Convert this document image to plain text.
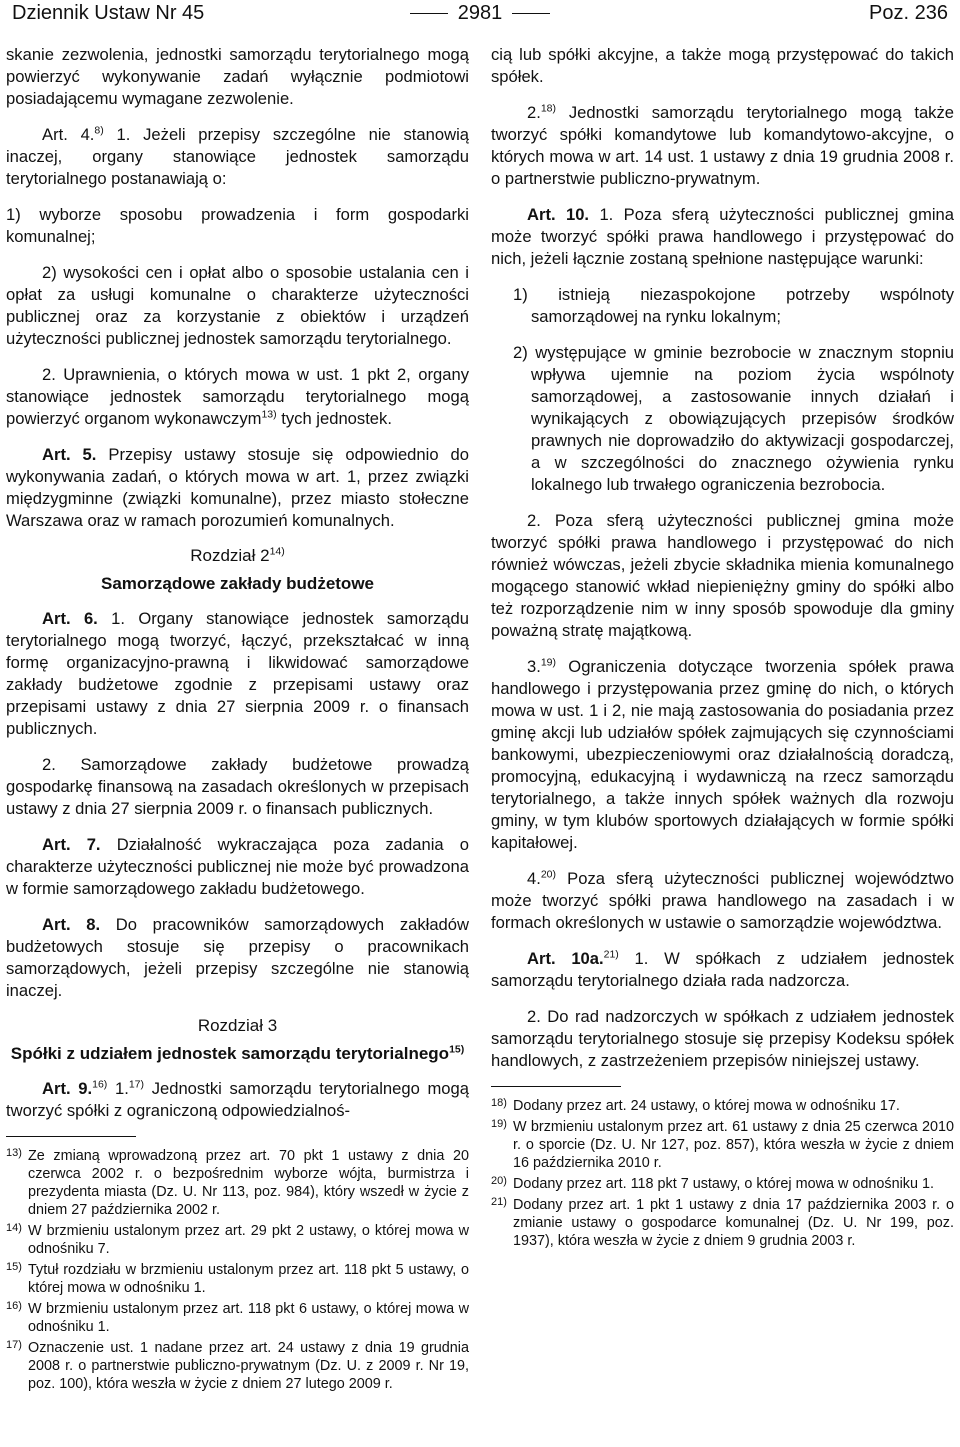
Dziennik Ustaw Nr 45	2981	Poz. 236

skanie zezwolenia, jednostki samorządu terytorialnego mogą powierzyć wykonywanie zadań wyłącznie podmiotowi posiadającemu wymagane zezwolenie.

Art. 4.$^{8)}$ 1. Jeżeli przepisy szczególne nie stanowią inaczej, organy stanowiące jednostek samorządu terytorialnego postanawiają o:

1) wyborze sposobu prowadzenia i form gospodarki komunalnej;

2) wysokości cen i opłat albo o sposobie ustalania cen i opłat za usługi komunalne o charakterze użyteczności publicznej oraz za korzystanie z obiektów i urządzeń użyteczności publicznej jednostek samorządu terytorialnego.

2. Uprawnienia, o których mowa w ust. 1 pkt 2, organy stanowiące jednostek samorządu terytorialnego mogą powierzyć organom wykonawczym$^{13)}$ tych jednostek.

Art. 5. Przepisy ustawy stosuje się odpowiednio do wykonywania zadań, o których mowa w art. 1, przez związki międzygminne (związki komunalne), przez miasto stołeczne Warszawa oraz w ramach porozumień komunalnych.

Rozdział 2$^{14)}$
Samorządowe zakłady budżetowe

Art. 6. 1. Organy stanowiące jednostek samorządu terytorialnego mogą tworzyć, łączyć, przekształcać w inną formę organizacyjno-prawną i likwidować samorządowe zakłady budżetowe zgodnie z przepisami ustawy oraz przepisami ustawy z dnia 27 sierpnia 2009 r. o finansach publicznych.

2. Samorządowe zakłady budżetowe prowadzą gospodarkę finansową na zasadach określonych w przepisach ustawy z dnia 27 sierpnia 2009 r. o finansach publicznych.

Art. 7. Działalność wykraczająca poza zadania o charakterze użyteczności publicznej nie może być prowadzona w formie samorządowego zakładu budżetowego.

Art. 8. Do pracowników samorządowych zakładów budżetowych stosuje się przepisy o pracownikach samorządowych, jeżeli przepisy szczególne nie stanowią inaczej.

Rozdział 3
Spółki z udziałem jednostek samorządu terytorialnego$^{15)}$

Art. 9.$^{16)}$ 1.$^{17)}$ Jednostki samorządu terytorialnego mogą tworzyć spółki z ograniczoną odpowiedzialnoś-

13) Ze zmianą wprowadzoną przez art. 70 pkt 1 ustawy z dnia 20 czerwca 2002 r. o bezpośrednim wyborze wójta, burmistrza i prezydenta miasta (Dz. U. Nr 113, poz. 984), który wszedł w życie z dniem 27 października 2002 r.
14) W brzmieniu ustalonym przez art. 29 pkt 2 ustawy, o której mowa w odnośniku 7.
15) Tytuł rozdziału w brzmieniu ustalonym przez art. 118 pkt 5 ustawy, o której mowa w odnośniku 1.
16) W brzmieniu ustalonym przez art. 118 pkt 6 ustawy, o której mowa w odnośniku 1.
17) Oznaczenie ust. 1 nadane przez art. 24 ustawy z dnia 19 grudnia 2008 r. o partnerstwie publiczno-prywatnym (Dz. U. z 2009 r. Nr 19, poz. 100), która weszła w życie z dniem 27 lutego 2009 r.

cią lub spółki akcyjne, a także mogą przystępować do takich spółek.

2.$^{18)}$ Jednostki samorządu terytorialnego mogą także tworzyć spółki komandytowe lub komandytowo-akcyjne, o których mowa w art. 14 ust. 1 ustawy z dnia 19 grudnia 2008 r. o partnerstwie publiczno-prywatnym.

Art. 10. 1. Poza sferą użyteczności publicznej gmina może tworzyć spółki prawa handlowego i przystępować do nich, jeżeli łącznie zostaną spełnione następujące warunki:

1) istnieją niezaspokojone potrzeby wspólnoty samorządowej na rynku lokalnym;

2) występujące w gminie bezrobocie w znacznym stopniu wpływa ujemnie na poziom życia wspólnoty samorządowej, a zastosowanie innych działań i wynikających z obowiązujących przepisów środków prawnych nie doprowadziło do aktywizacji gospodarczej, a w szczególności do znacznego ożywienia rynku lokalnego lub trwałego ograniczenia bezrobocia.

2. Poza sferą użyteczności publicznej gmina może tworzyć spółki prawa handlowego i przystępować do nich również wówczas, jeżeli zbycie składnika mienia komunalnego mogącego stanowić wkład niepieniężny gminy do spółki albo też rozporządzenie nim w inny sposób spowoduje dla gminy poważną stratę majątkową.

3.$^{19)}$ Ograniczenia dotyczące tworzenia spółek prawa handlowego i przystępowania przez gminę do nich, o których mowa w ust. 1 i 2, nie mają zastosowania do posiadania przez gminę akcji lub udziałów spółek zajmujących się czynnościami bankowymi, ubezpieczeniowymi oraz działalnością doradczą, promocyjną, edukacyjną i wydawniczą na rzecz samorządu terytorialnego, a także innych spółek ważnych dla rozwoju gminy, w tym klubów sportowych działających w formie spółki kapitałowej.

4.$^{20)}$ Poza sferą użyteczności publicznej województwo może tworzyć spółki prawa handlowego na zasadach i w formach określonych w ustawie o samorządzie województwa.

Art. 10a.$^{21)}$ 1. W spółkach z udziałem jednostek samorządu terytorialnego działa rada nadzorcza.

2. Do rad nadzorczych w spółkach z udziałem jednostek samorządu terytorialnego stosuje się przepisy Kodeksu spółek handlowych, z zastrzeżeniem przepisów niniejszej ustawy.

18) Dodany przez art. 24 ustawy, o której mowa w odnośniku 17.
19) W brzmieniu ustalonym przez art. 61 ustawy z dnia 25 czerwca 2010 r. o sporcie (Dz. U. Nr 127, poz. 857), która weszła w życie z dniem 16 października 2010 r.
20) Dodany przez art. 118 pkt 7 ustawy, o której mowa w odnośniku 1.
21) Dodany przez art. 1 pkt 1 ustawy z dnia 17 października 2003 r. o zmianie ustawy o gospodarce komunalnej (Dz. U. Nr 199, poz. 1937), która weszła w życie z dniem 9 grudnia 2003 r.
